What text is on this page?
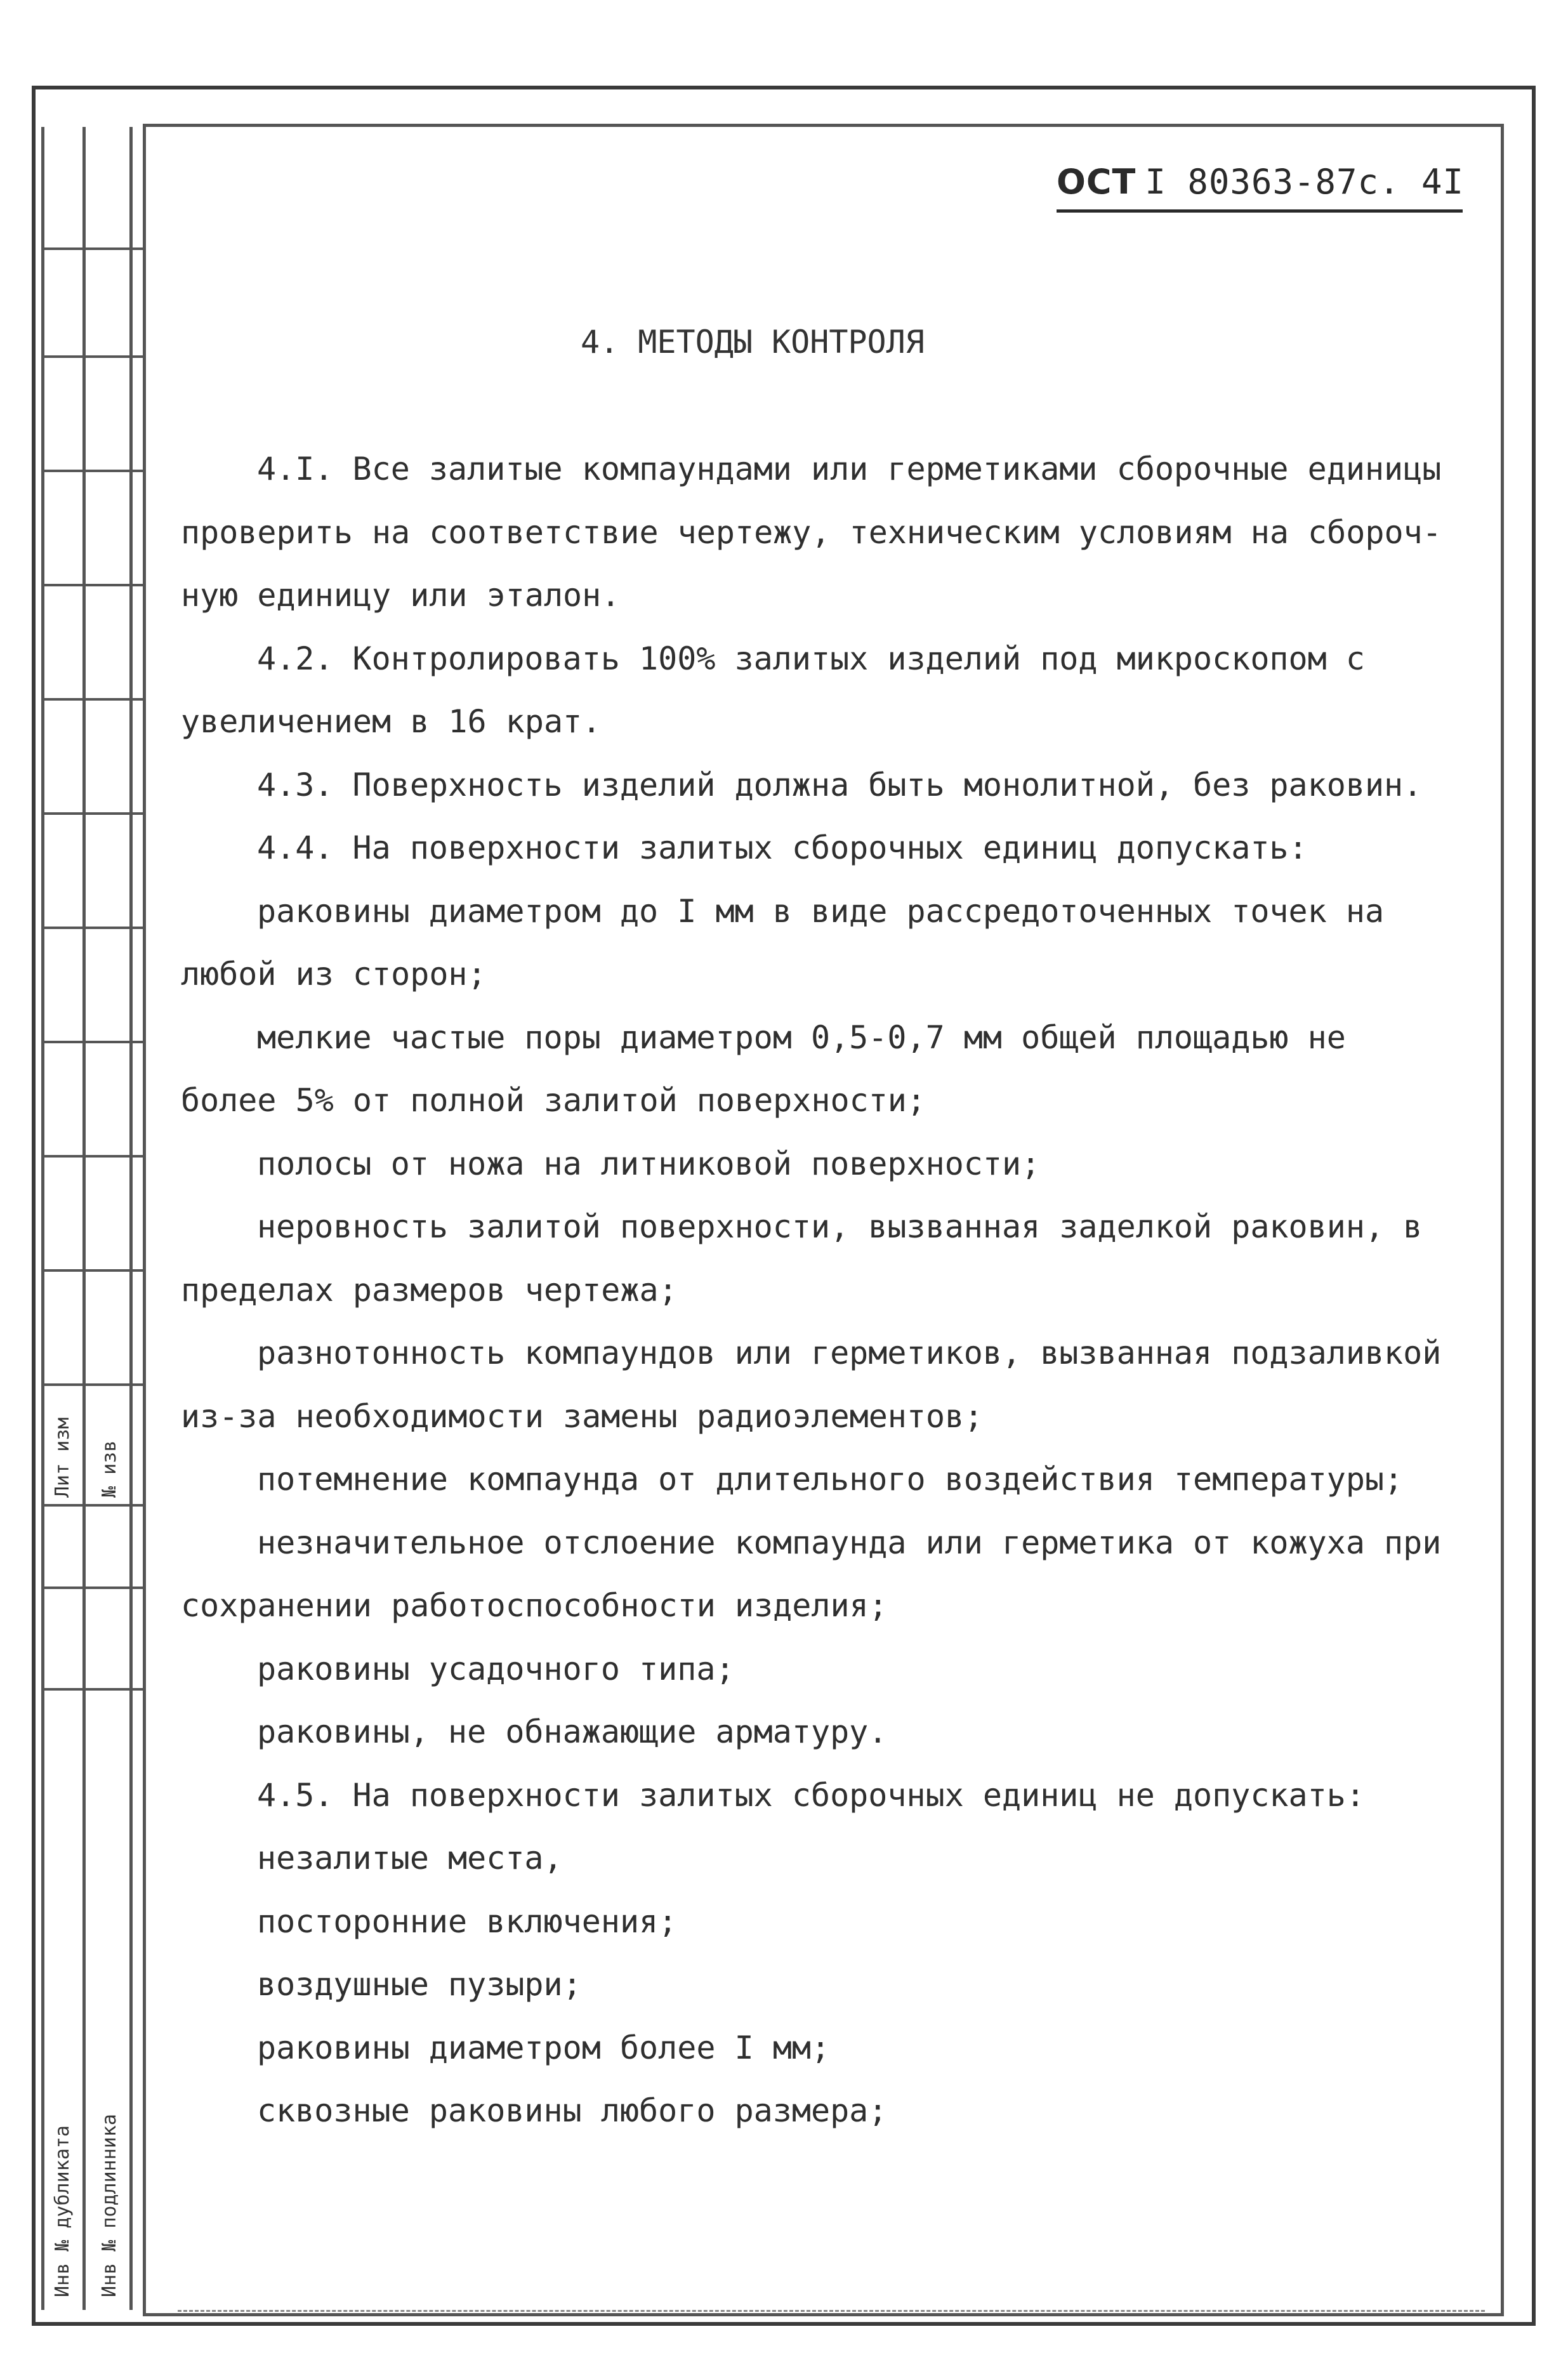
Лит изм № изв
Инв № дубликата Инв № подлинника
ОСТ I 80363-87с. 4I
4. МЕТОДЫ КОНТРОЛЯ
4.I. Все залитые компаундами или герметиками сборочные единицы
проверить на соответствие чертежу, техническим условиям на сбороч-
ную единицу или эталон.
4.2. Контролировать 100% залитых изделий под микроскопом с
увеличением в 16 крат.
4.3. Поверхность изделий должна быть монолитной, без раковин.
4.4. На поверхности залитых сборочных единиц допускать:
раковины диаметром до I мм в виде рассредоточенных точек на
любой из сторон;
мелкие частые поры диаметром 0,5-0,7 мм общей площадью не
более 5% от полной залитой поверхности;
полосы от ножа на литниковой поверхности;
неровность залитой поверхности, вызванная заделкой раковин, в
пределах размеров чертежа;
разнотонность компаундов или герметиков, вызванная подзаливкой
из-за необходимости замены радиоэлементов;
потемнение компаунда от длительного воздействия температуры;
незначительное отслоение компаунда или герметика от кожуха при
сохранении работоспособности изделия;
раковины усадочного типа;
раковины, не обнажающие арматуру.
4.5. На поверхности залитых сборочных единиц не допускать:
незалитые места,
посторонние включения;
воздушные пузыри;
раковины диаметром более I мм;
сквозные раковины любого размера;
